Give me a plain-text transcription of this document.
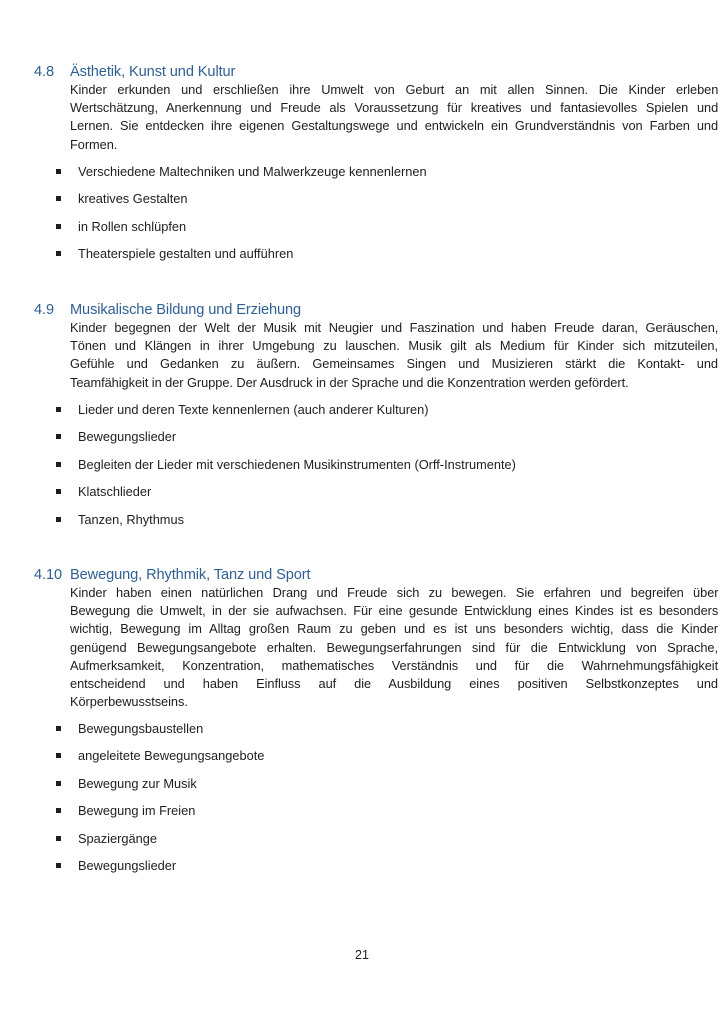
4.8 Ästhetik, Kunst und Kultur
Kinder erkunden und erschließen ihre Umwelt von Geburt an mit allen Sinnen. Die Kinder erleben
Wertschätzung, Anerkennung und Freude als Voraussetzung für kreatives und fantasievolles Spielen und
Lernen. Sie entdecken ihre eigenen Gestaltungswege und entwickeln ein Grundverständnis von Farben und
Formen.
Verschiedene Maltechniken und Malwerkzeuge kennenlernen
kreatives Gestalten
in Rollen schlüpfen
Theaterspiele gestalten und aufführen
4.9 Musikalische Bildung und Erziehung
Kinder begegnen der Welt der Musik mit Neugier und Faszination und haben Freude daran, Geräuschen,
Tönen und Klängen in ihrer Umgebung zu lauschen. Musik gilt als Medium für Kinder sich mitzuteilen,
Gefühle und Gedanken zu äußern. Gemeinsames Singen und Musizieren stärkt die Kontakt- und
Teamfähigkeit in der Gruppe. Der Ausdruck in der Sprache und die Konzentration werden gefördert.
Lieder und deren Texte kennenlernen (auch anderer Kulturen)
Bewegungslieder
Begleiten der Lieder mit verschiedenen Musikinstrumenten (Orff-Instrumente)
Klatschlieder
Tanzen, Rhythmus
4.10 Bewegung, Rhythmik, Tanz und Sport
Kinder haben einen natürlichen Drang und Freude sich zu bewegen. Sie erfahren und begreifen über
Bewegung die Umwelt, in der sie aufwachsen. Für eine gesunde Entwicklung eines Kindes ist es besonders
wichtig, Bewegung im Alltag großen Raum zu geben und es ist uns besonders wichtig, dass die Kinder
genügend Bewegungsangebote erhalten. Bewegungserfahrungen sind für die Entwicklung von Sprache,
Aufmerksamkeit, Konzentration, mathematisches Verständnis und für die Wahrnehmungsfähigkeit
entscheidend und haben Einfluss auf die Ausbildung eines positiven Selbstkonzeptes und
Körperbewusstseins.
Bewegungsbaustellen
angeleitete Bewegungsangebote
Bewegung zur Musik
Bewegung im Freien
Spaziergänge
Bewegungslieder
21
